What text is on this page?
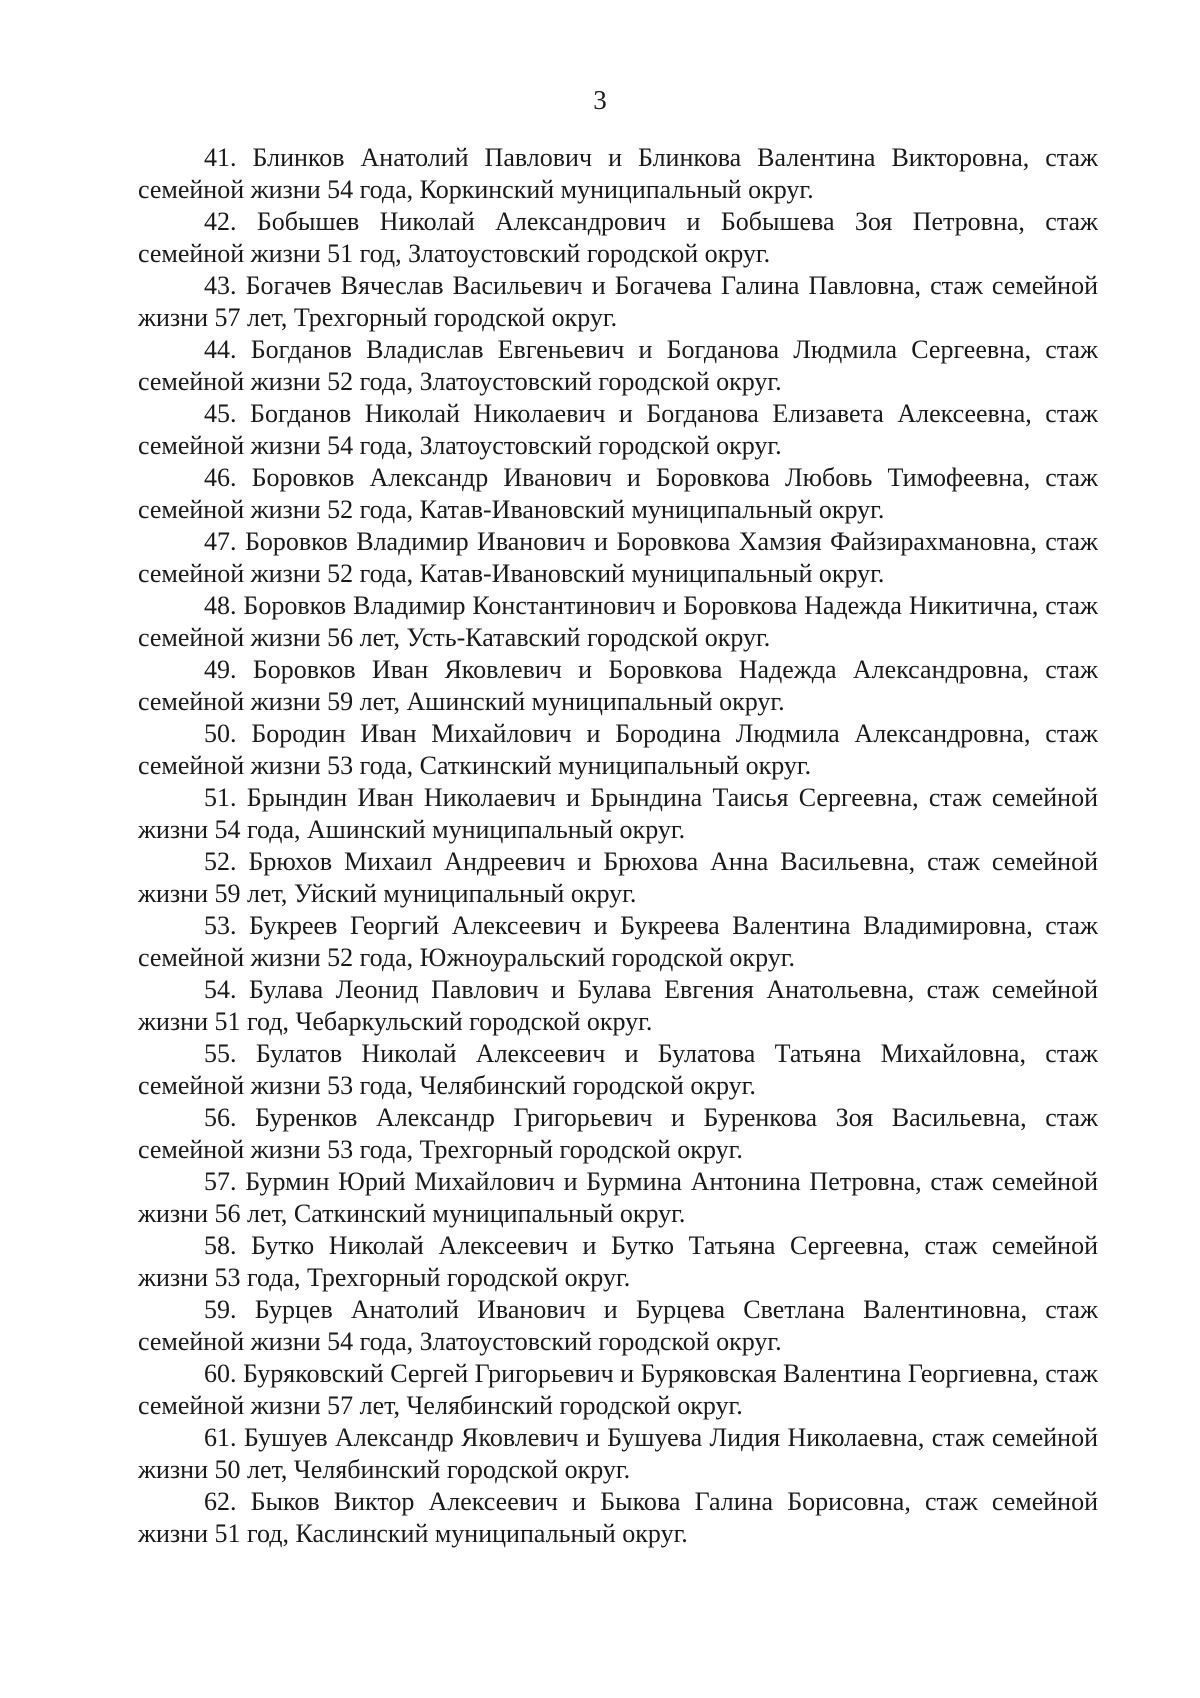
3

41. Блинков Анатолий Павлович и Блинкова Валентина Викторовна, стаж семейной жизни 54 года, Коркинский муниципальный округ.

42. Бобышев Николай Александрович и Бобышева Зоя Петровна, стаж семейной жизни 51 год, Златоустовский городской округ.

43. Богачев Вячеслав Васильевич и Богачева Галина Павловна, стаж семейной жизни 57 лет, Трехгорный городской округ.

44. Богданов Владислав Евгеньевич и Богданова Людмила Сергеевна, стаж семейной жизни 52 года, Златоустовский городской округ.

45. Богданов Николай Николаевич и Богданова Елизавета Алексеевна, стаж семейной жизни 54 года, Златоустовский городской округ.

46. Боровков Александр Иванович и Боровкова Любовь Тимофеевна, стаж семейной жизни 52 года, Катав-Ивановский муниципальный округ.

47. Боровков Владимир Иванович и Боровкова Хамзия Файзирахмановна, стаж семейной жизни 52 года, Катав-Ивановский муниципальный округ.

48. Боровков Владимир Константинович и Боровкова Надежда Никитична, стаж семейной жизни 56 лет, Усть-Катавский городской округ.

49. Боровков Иван Яковлевич и Боровкова Надежда Александровна, стаж семейной жизни 59 лет, Ашинский муниципальный округ.

50. Бородин Иван Михайлович и Бородина Людмила Александровна, стаж семейной жизни 53 года, Саткинский муниципальный округ.

51. Брындин Иван Николаевич и Брындина Таисья Сергеевна, стаж семейной жизни 54 года, Ашинский муниципальный округ.

52. Брюхов Михаил Андреевич и Брюхова Анна Васильевна, стаж семейной жизни 59 лет, Уйский муниципальный округ.

53. Букреев Георгий Алексеевич и Букреева Валентина Владимировна, стаж семейной жизни 52 года, Южноуральский городской округ.

54. Булава Леонид Павлович и Булава Евгения Анатольевна, стаж семейной жизни 51 год, Чебаркульский городской округ.

55. Булатов Николай Алексеевич и Булатова Татьяна Михайловна, стаж семейной жизни 53 года, Челябинский городской округ.

56. Буренков Александр Григорьевич и Буренкова Зоя Васильевна, стаж семейной жизни 53 года, Трехгорный городской округ.

57. Бурмин Юрий Михайлович и Бурмина Антонина Петровна, стаж семейной жизни 56 лет, Саткинский муниципальный округ.

58. Бутко Николай Алексеевич и Бутко Татьяна Сергеевна, стаж семейной жизни 53 года, Трехгорный городской округ.

59. Бурцев Анатолий Иванович и Бурцева Светлана Валентиновна, стаж семейной жизни 54 года, Златоустовский городской округ.

60. Буряковский Сергей Григорьевич и Буряковская Валентина Георгиевна, стаж семейной жизни 57 лет, Челябинский городской округ.

61. Бушуев Александр Яковлевич и Бушуева Лидия Николаевна, стаж семейной жизни 50 лет, Челябинский городской округ.

62. Быков Виктор Алексеевич и Быкова Галина Борисовна, стаж семейной жизни 51 год, Каслинский муниципальный округ.
